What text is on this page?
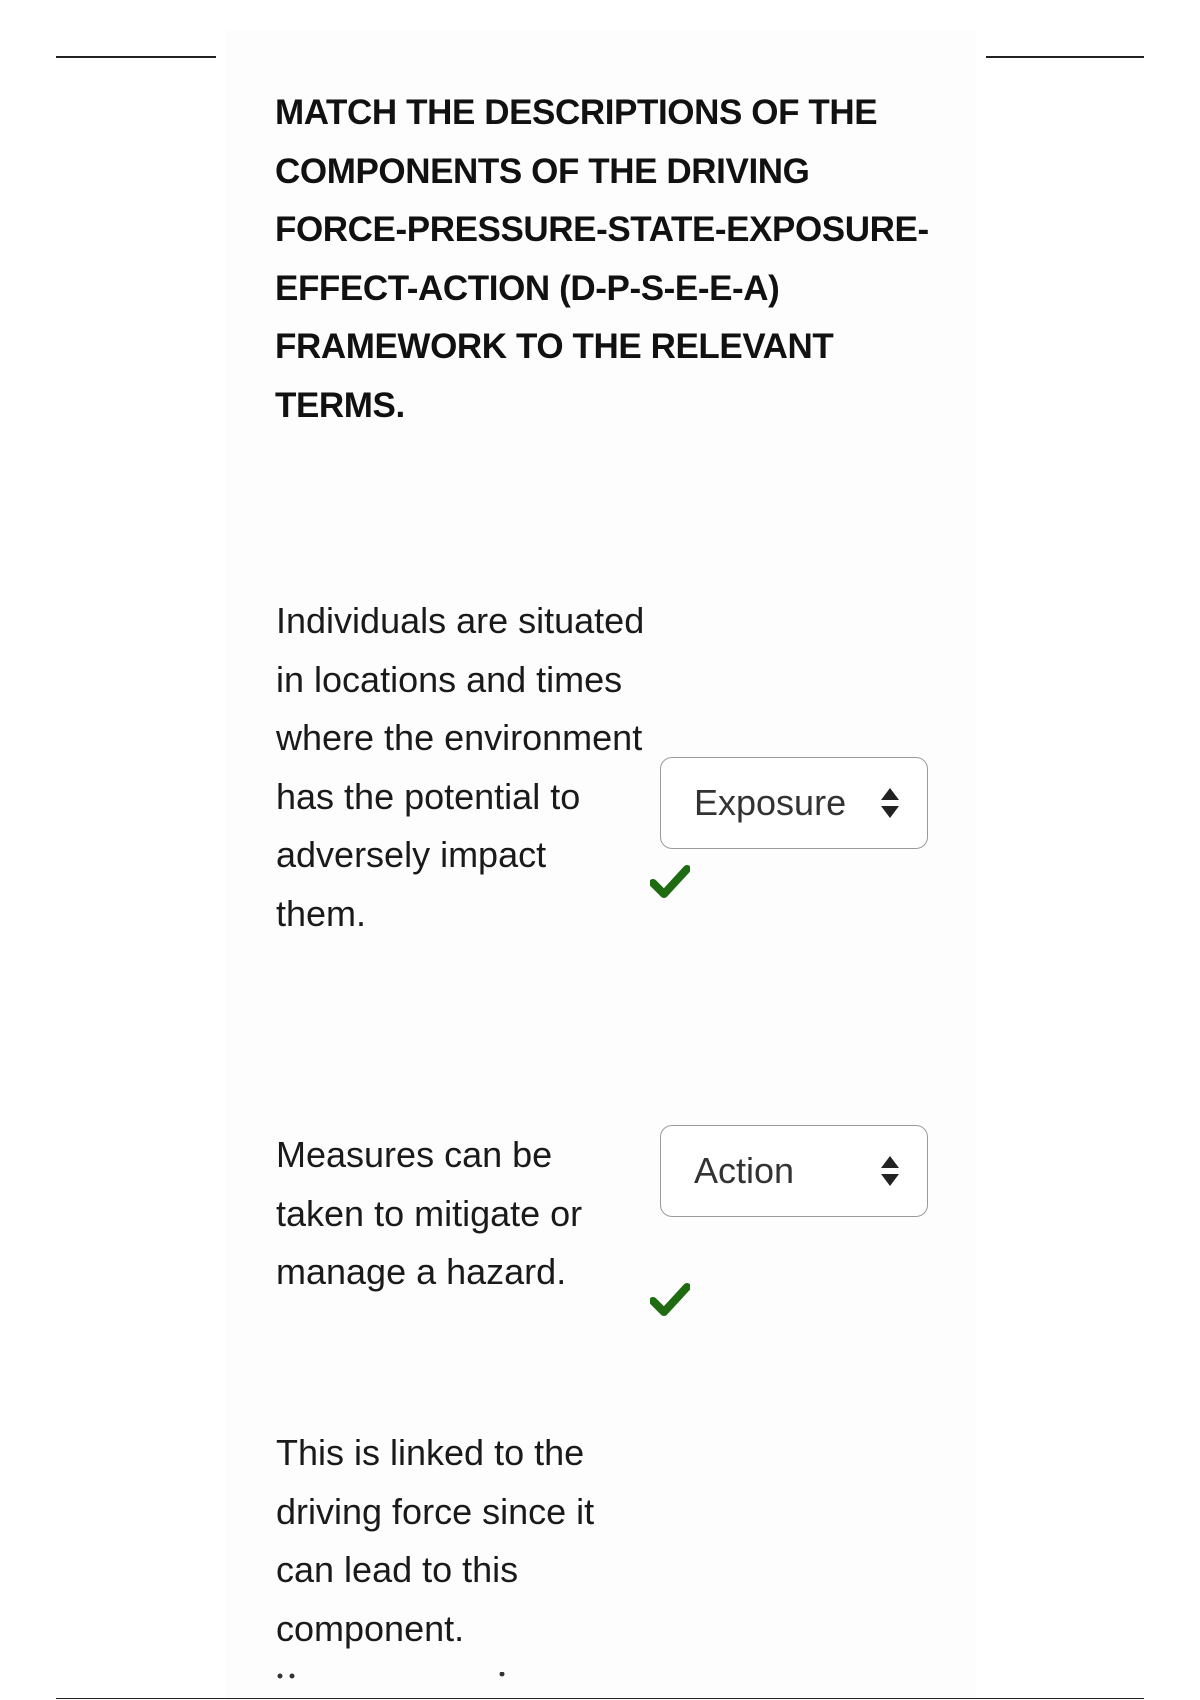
MATCH THE DESCRIPTIONS OF THE COMPONENTS OF THE DRIVING FORCE-PRESSURE-STATE-EXPOSURE-EFFECT-ACTION (D-P-S-E-E-A) FRAMEWORK TO THE RELEVANT TERMS.
Individuals are situated in locations and times where the environment has the potential to adversely impact them.
Exposure
Measures can be taken to mitigate or manage a hazard.
Action
This is linked to the driving force since it can lead to this component.
